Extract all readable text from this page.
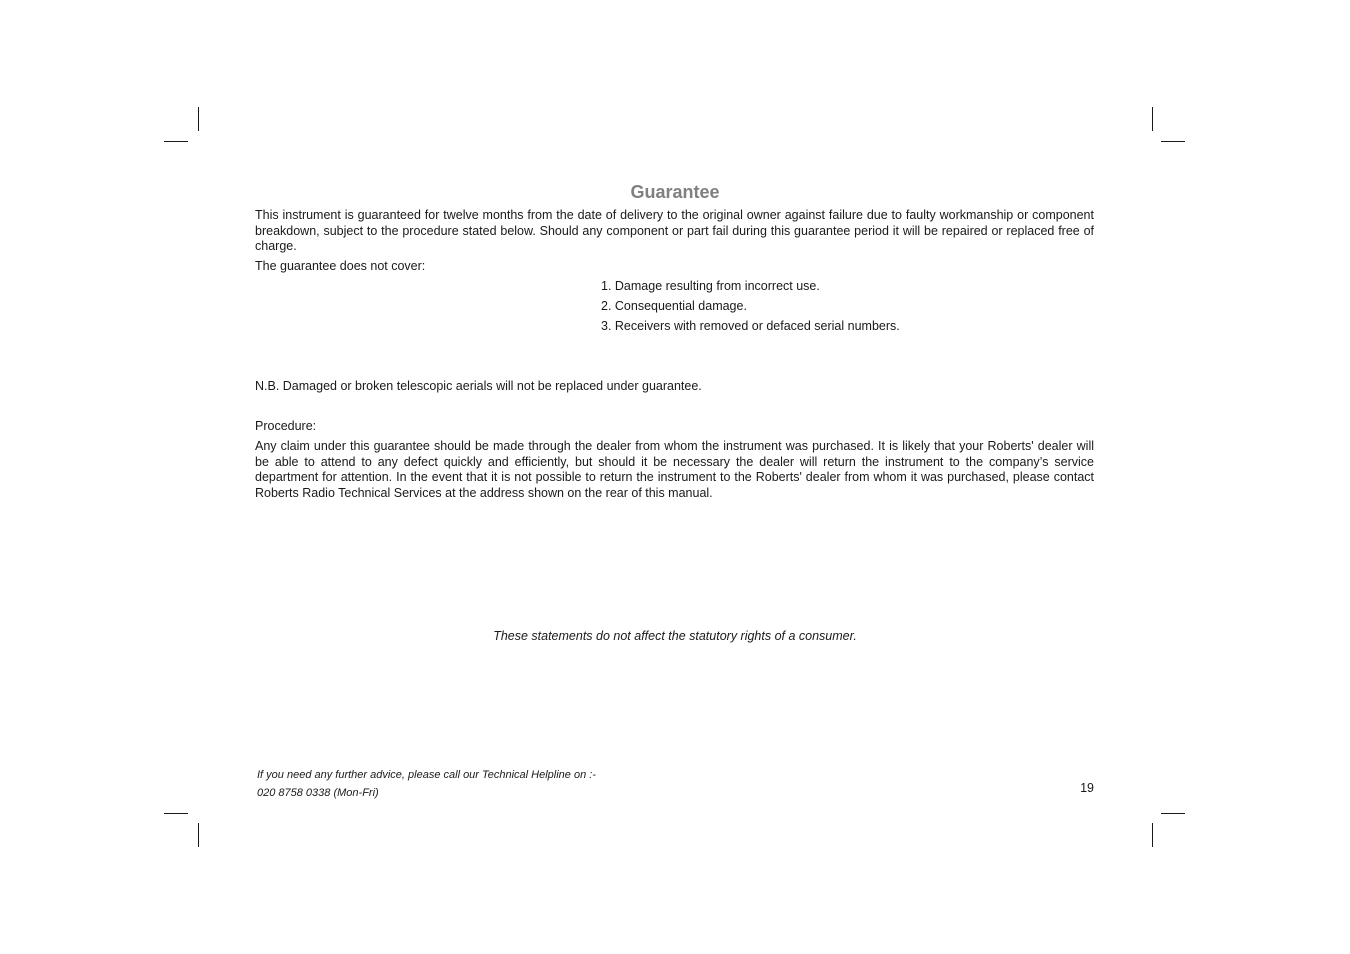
Guarantee

This instrument is guaranteed for twelve months from the date of delivery to the original owner against failure due to faulty workmanship or component breakdown, subject to the procedure stated below. Should any component or part fail during this guarantee period it will be repaired or replaced free of charge.

The guarantee does not cover:

1. Damage resulting from incorrect use.
2. Consequential damage.
3. Receivers with removed or defaced serial numbers.

N.B. Damaged or broken telescopic aerials will not be replaced under guarantee.

Procedure:

Any claim under this guarantee should be made through the dealer from whom the instrument was purchased. It is likely that your Roberts' dealer will be able to attend to any defect quickly and efficiently, but should it be necessary the dealer will return the instrument to the company’s service department for attention. In the event that it is not possible to return the instrument to the Roberts' dealer from whom it was purchased, please contact Roberts Radio Technical Services at the address shown on the rear of this manual.

These statements do not affect the statutory rights of a consumer.
If you need any further advice, please call our Technical Helpline on :-
020 8758 0338 (Mon-Fri)	19
